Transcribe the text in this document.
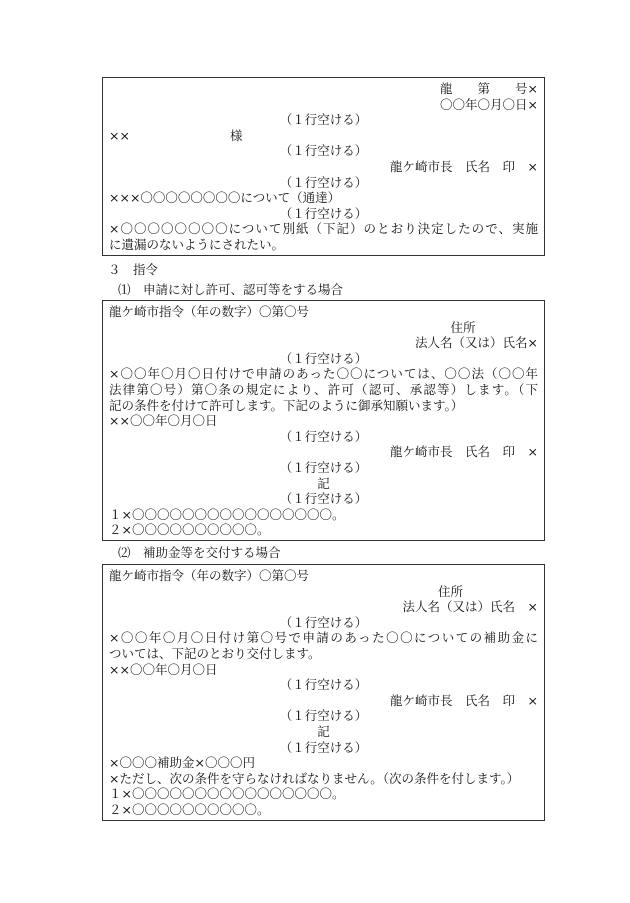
龍　　第　　号×
〇〇年〇月〇日×
（１行空ける）
××　　　　　　　　様
（１行空ける）
龍ケ崎市長　氏名　印　×
（１行空ける）
×××〇〇〇〇〇〇〇〇について（通達）
（１行空ける）
×〇〇〇〇〇〇〇〇について別紙（下記）のとおり決定したので、実施
に遺漏のないようにされたい。
３　指令
⑴　申請に対し許可、認可等をする場合
龍ケ崎市指令（年の数字）〇第〇号
住所　　　　　
法人名（又は）氏名×
（１行空ける）
×〇〇年〇月〇日付けで申請のあった〇〇については、〇〇法（〇〇年
法律第〇号）第〇条の規定により、許可（認可、承認等）します。（下
記の条件を付けて許可します。下記のように御承知願います。）
××〇〇年〇月〇日
（１行空ける）
龍ケ崎市長　氏名　印　×
（１行空ける）
記
（１行空ける）
１×〇〇〇〇〇〇〇〇〇〇〇〇〇〇〇〇。
２×〇〇〇〇〇〇〇〇〇〇。
⑵　補助金等を交付する場合
龍ケ崎市指令（年の数字）〇第〇号
住所　　　　　　
法人名（又は）氏名　×
（１行空ける）
×〇〇年〇月〇日付け第〇号で申請のあった〇〇についての補助金に
ついては、下記のとおり交付します。
××〇〇年〇月〇日
（１行空ける）
龍ケ崎市長　氏名　印　×
（１行空ける）
記
（１行空ける）
×〇〇〇補助金×〇〇〇円
×ただし、次の条件を守らなければなりません。（次の条件を付します。）
１×〇〇〇〇〇〇〇〇〇〇〇〇〇〇〇〇。
２×〇〇〇〇〇〇〇〇〇〇。
